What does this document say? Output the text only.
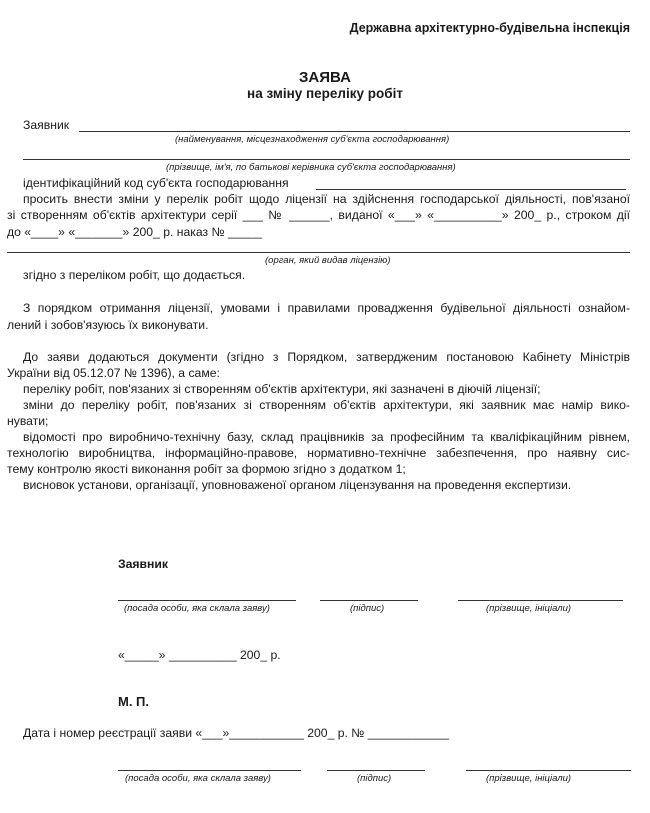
Державна архітектурно-будівельна інспекція
ЗАЯВА
на зміну переліку робіт
Заявник
(найменування, місцезнаходження суб'єкта господарювання)
(прізвище, ім'я, по батькові керівника суб'єкта господарювання)
ідентифікаційний код суб'єкта господарювання
просить внести зміни у перелік робіт щодо ліцензії на здійснення господарської діяльності, пов'язаної
зі створенням об'єктів архітектури серії ___ № ______, виданої «___» «__________» 200_ р., строком дії
до «____» «_______» 200_ р. наказ № _____
(орган, який видав ліцензію)
згідно з переліком робіт, що додається.
З порядком отримання ліцензії, умовами і правилами провадження будівельної діяльності ознайом-
лений і зобов'язуюсь їх виконувати.
До заяви додаються документи (згідно з Порядком, затвердженим постановою Кабінету Міністрів
України від 05.12.07 № 1396), а саме:
переліку робіт, пов'язаних зі створенням об'єктів архітектури, які зазначені в діючій ліцензії;
зміни до переліку робіт, пов'язаних зі створенням об'єктів архітектури, які заявник має намір вико-
нувати;
відомості про виробничо-технічну базу, склад працівників за професійним та кваліфікаційним рівнем,
технологію виробництва, інформаційно-правове, нормативно-технічне забезпечення, про наявну сис-
тему контролю якості виконання робіт за формою згідно з додатком 1;
висновок установи, організації, уповноваженої органом ліцензування на проведення експертизи.
Заявник
(посада особи, яка склала заяву)	(підпис)	(прізвище, ініціали)
«_____» __________ 200_ р.
М. П.
Дата і номер реєстрації заяви «___»___________ 200_ р. № ____________
(посада особи, яка склала заяву)	(підпис)	(прізвище, ініціали)
